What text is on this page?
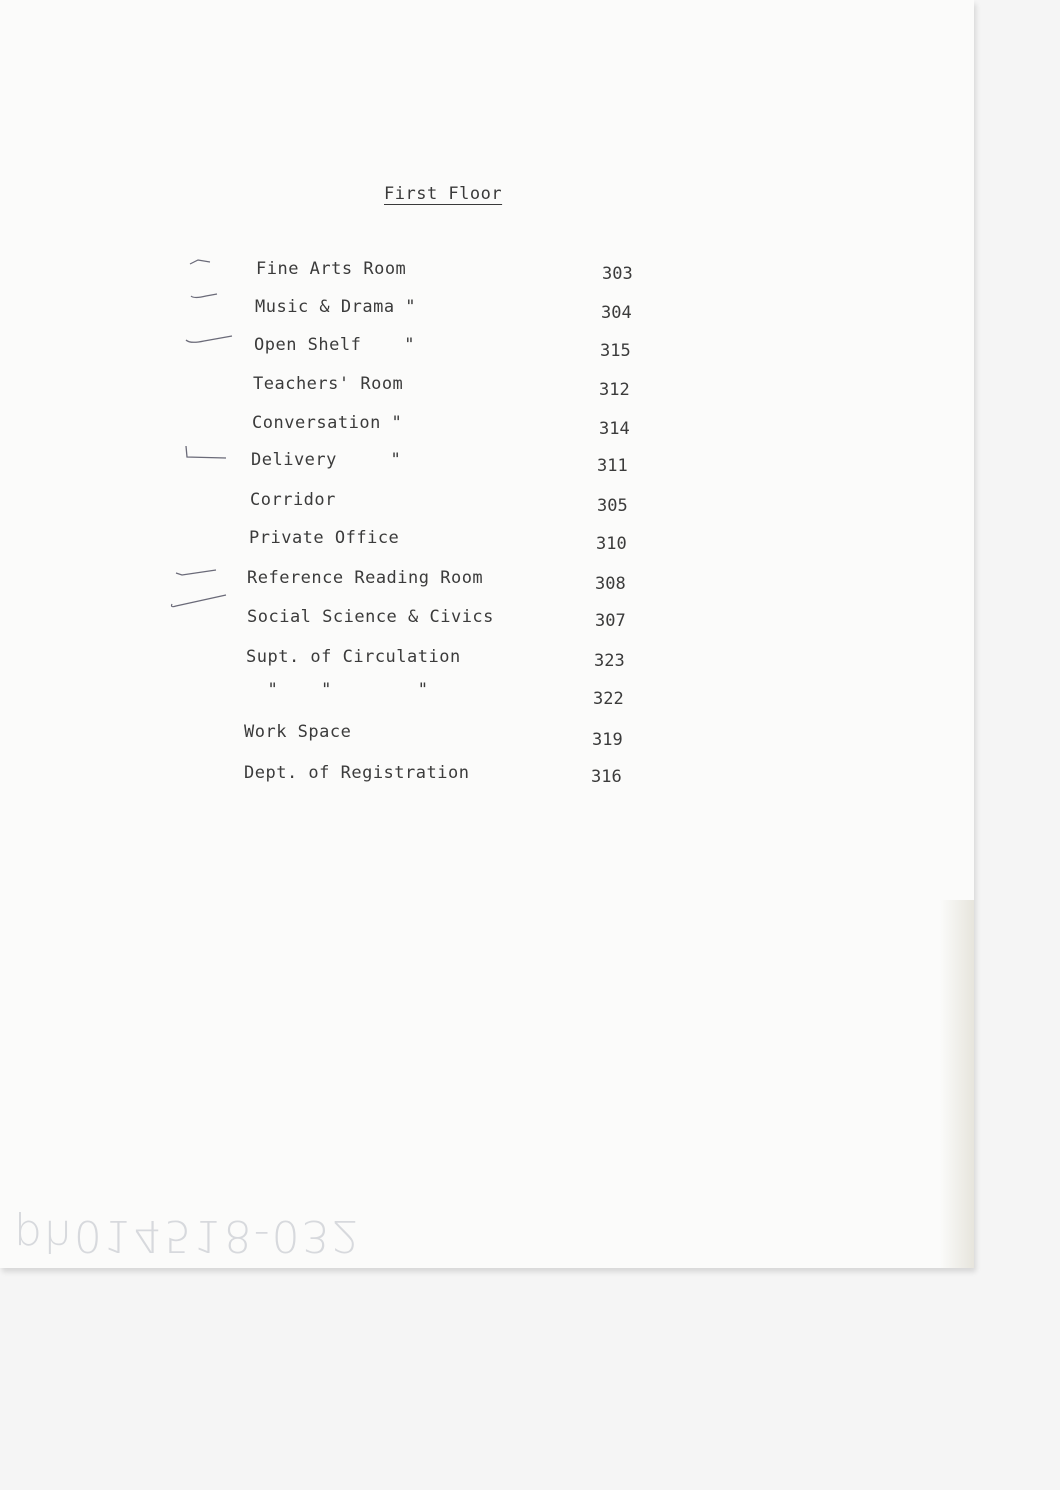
First Floor
Fine Arts Room
Music & Drama "
Open Shelf    "
Teachers' Room
Conversation "
Delivery     "
Corridor
Private Office
Reference Reading Room
Social Science & Civics
Supt. of Circulation
"    "        "
Work Space
Dept. of Registration
303
304
315
312
314
311
305
310
308
307
323
322
319
316
ph014518-032
